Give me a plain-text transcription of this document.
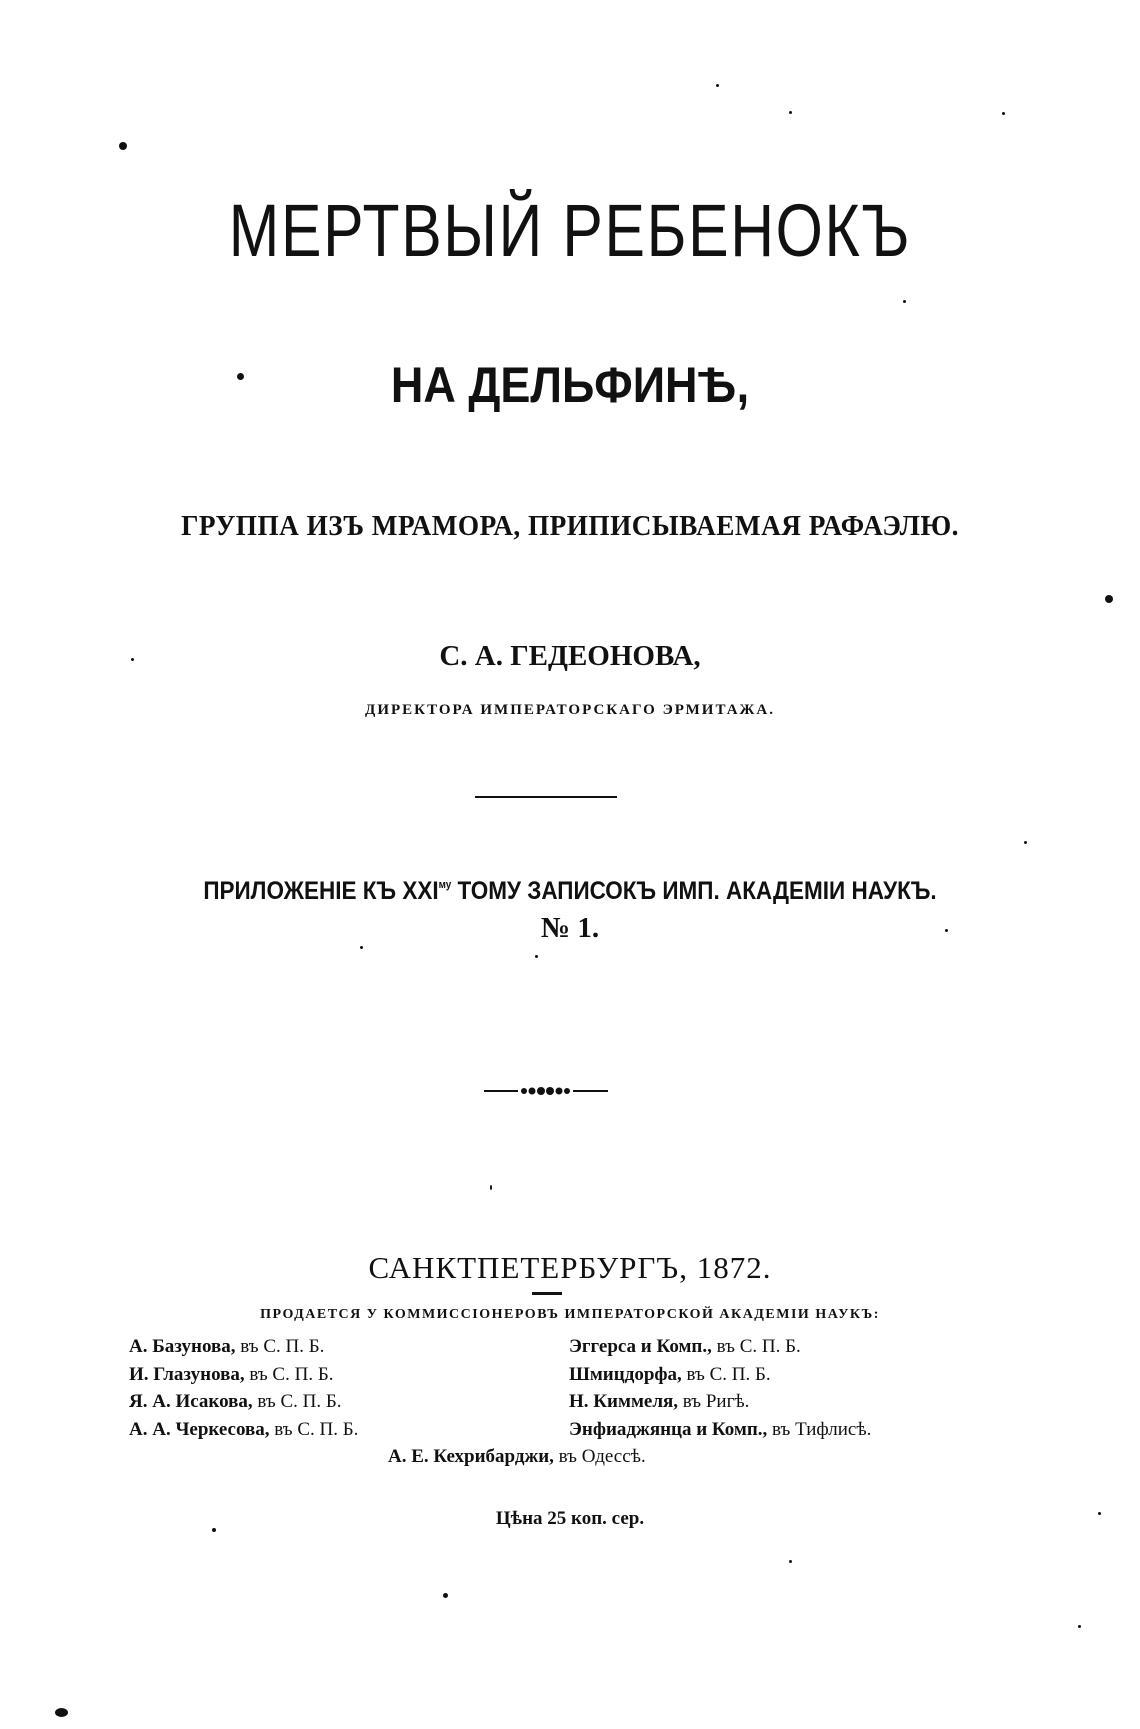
МЕРТВЫЙ РЕБЕНОКЪ
НА ДЕЛЬФИНѢ,
ГРУППА ИЗЪ МРАМОРА, ПРИПИСЫВАЕМАЯ РАФАЭЛЮ.
С. А. ГЕДЕОНОВА,
ДИРЕКТОРА ИМПЕРАТОРСКАГО ЭРМИТАЖА.
ПРИЛОЖЕНІЕ КЪ $XXI^{му}$ ТОМУ ЗАПИСОКЪ ИМП. АКАДЕМІИ НАУКЪ.
№ 1.
САНКТПЕТЕРБУРГЪ, 1872.
ПРОДАЕТСЯ У КОММИССІОНЕРОВЪ ИМПЕРАТОРСКОЙ АКАДЕМІИ НАУКЪ:
А. Базунова, въ С. П. Б.
И. Глазунова, въ С. П. Б.
Я. А. Исакова, въ С. П. Б.
А. А. Черкесова, въ С. П. Б.
Эггерса и Комп., въ С. П. Б.
Шмицдорфа, въ С. П. Б.
Н. Киммеля, въ Ригѣ.
Энфиаджянца и Комп., въ Тифлисѣ.
А. Е. Кехрибарджи, въ Одессѣ.
Цѣна 25 коп. сер.
